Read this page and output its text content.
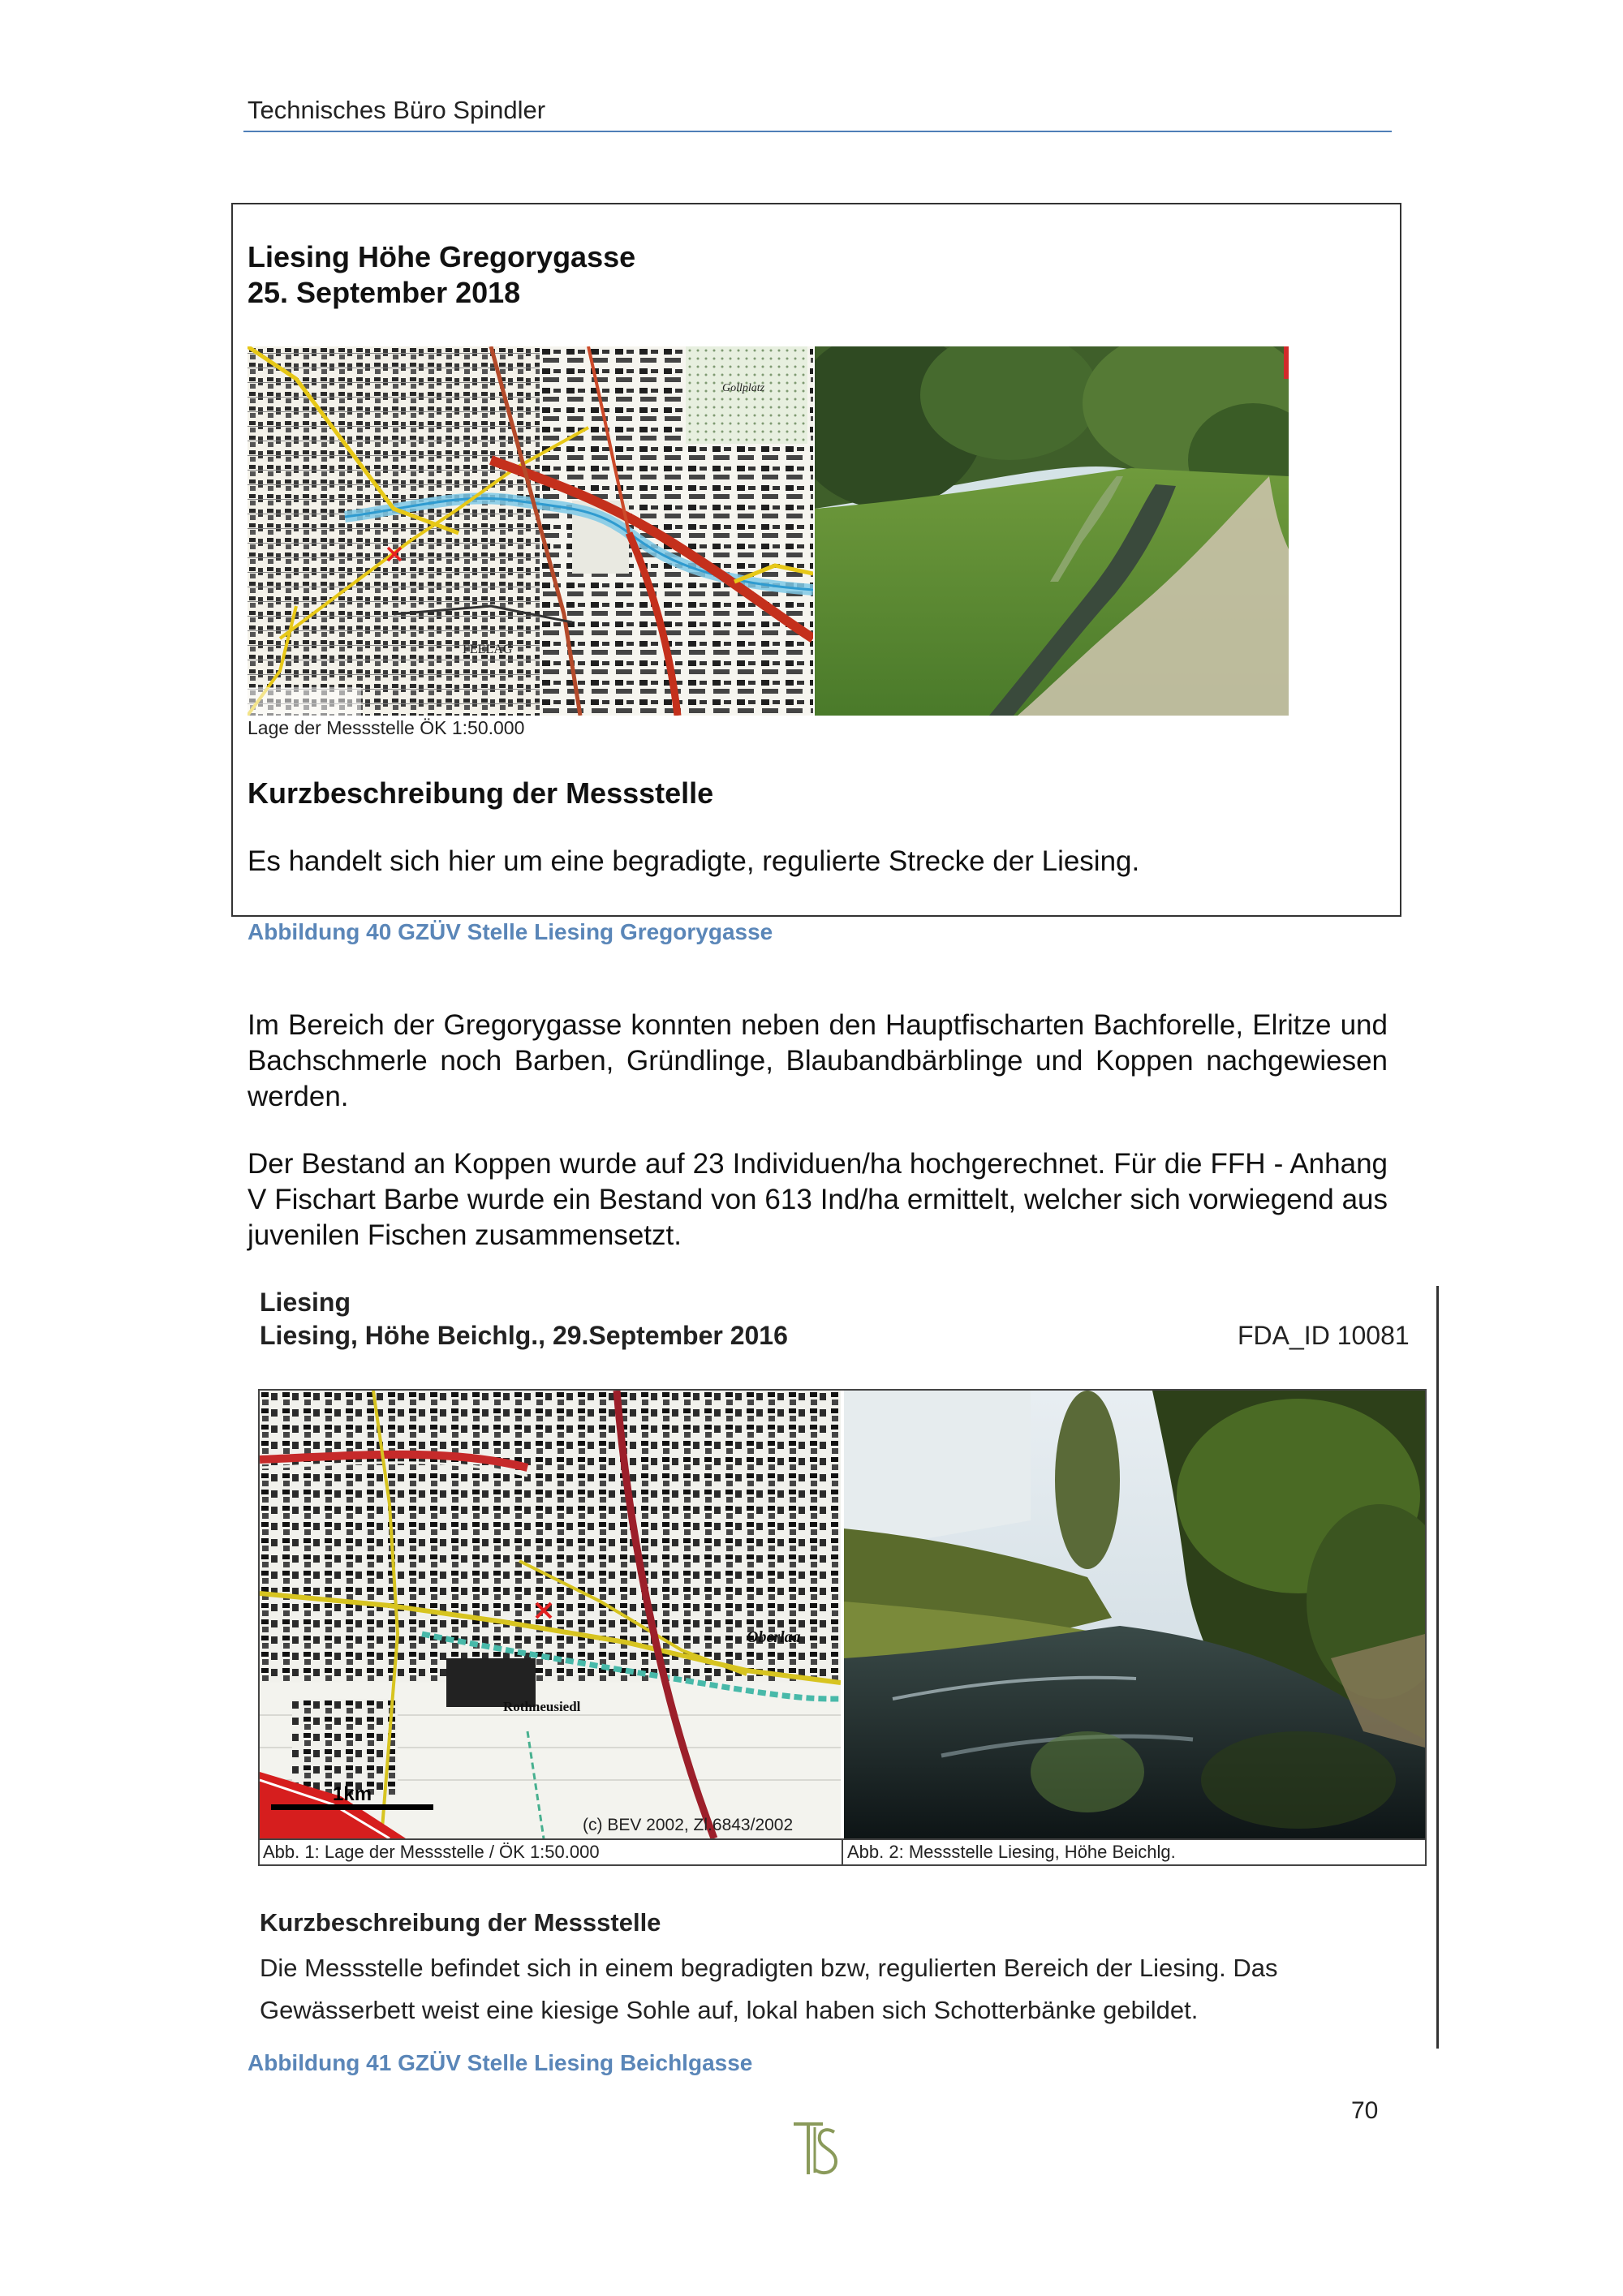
Technisches Büro Spindler
Liesing Höhe Gregorygasse
25. September 2018
Gollplatz
FEELAG
Lage der Messstelle ÖK 1:50.000
Kurzbeschreibung der Messstelle
Es handelt sich hier um eine begradigte, regulierte Strecke der Liesing.
Abbildung 40 GZÜV Stelle Liesing Gregorygasse
Im Bereich der Gregorygasse konnten neben den Hauptfischarten Bachforelle, Elritze und Bachschmerle noch Barben, Gründlinge, Blaubandbärblinge und Koppen nachgewiesen werden.
Der Bestand an Koppen wurde auf 23 Individuen/ha hochgerechnet. Für die FFH - Anhang V Fischart Barbe wurde ein Bestand von 613 Ind/ha ermittelt, welcher sich vorwiegend aus juvenilen Fischen zusammensetzt.
Liesing
Liesing, Höhe Beichlg., 29.September 2016	FDA_ID 10081
Oberlaa
Rothneusiedl
1km
(c) BEV 2002, Zl.6843/2002
Abb. 1: Lage der Messstelle / ÖK 1:50.000	Abb. 2: Messstelle Liesing, Höhe Beichlg.
Kurzbeschreibung der Messstelle
Die Messstelle befindet sich in einem begradigten bzw, regulierten Bereich der Liesing. Das Gewässerbett weist eine kiesige Sohle auf, lokal haben sich Schotterbänke gebildet.
Abbildung 41 GZÜV Stelle Liesing Beichlgasse
70
